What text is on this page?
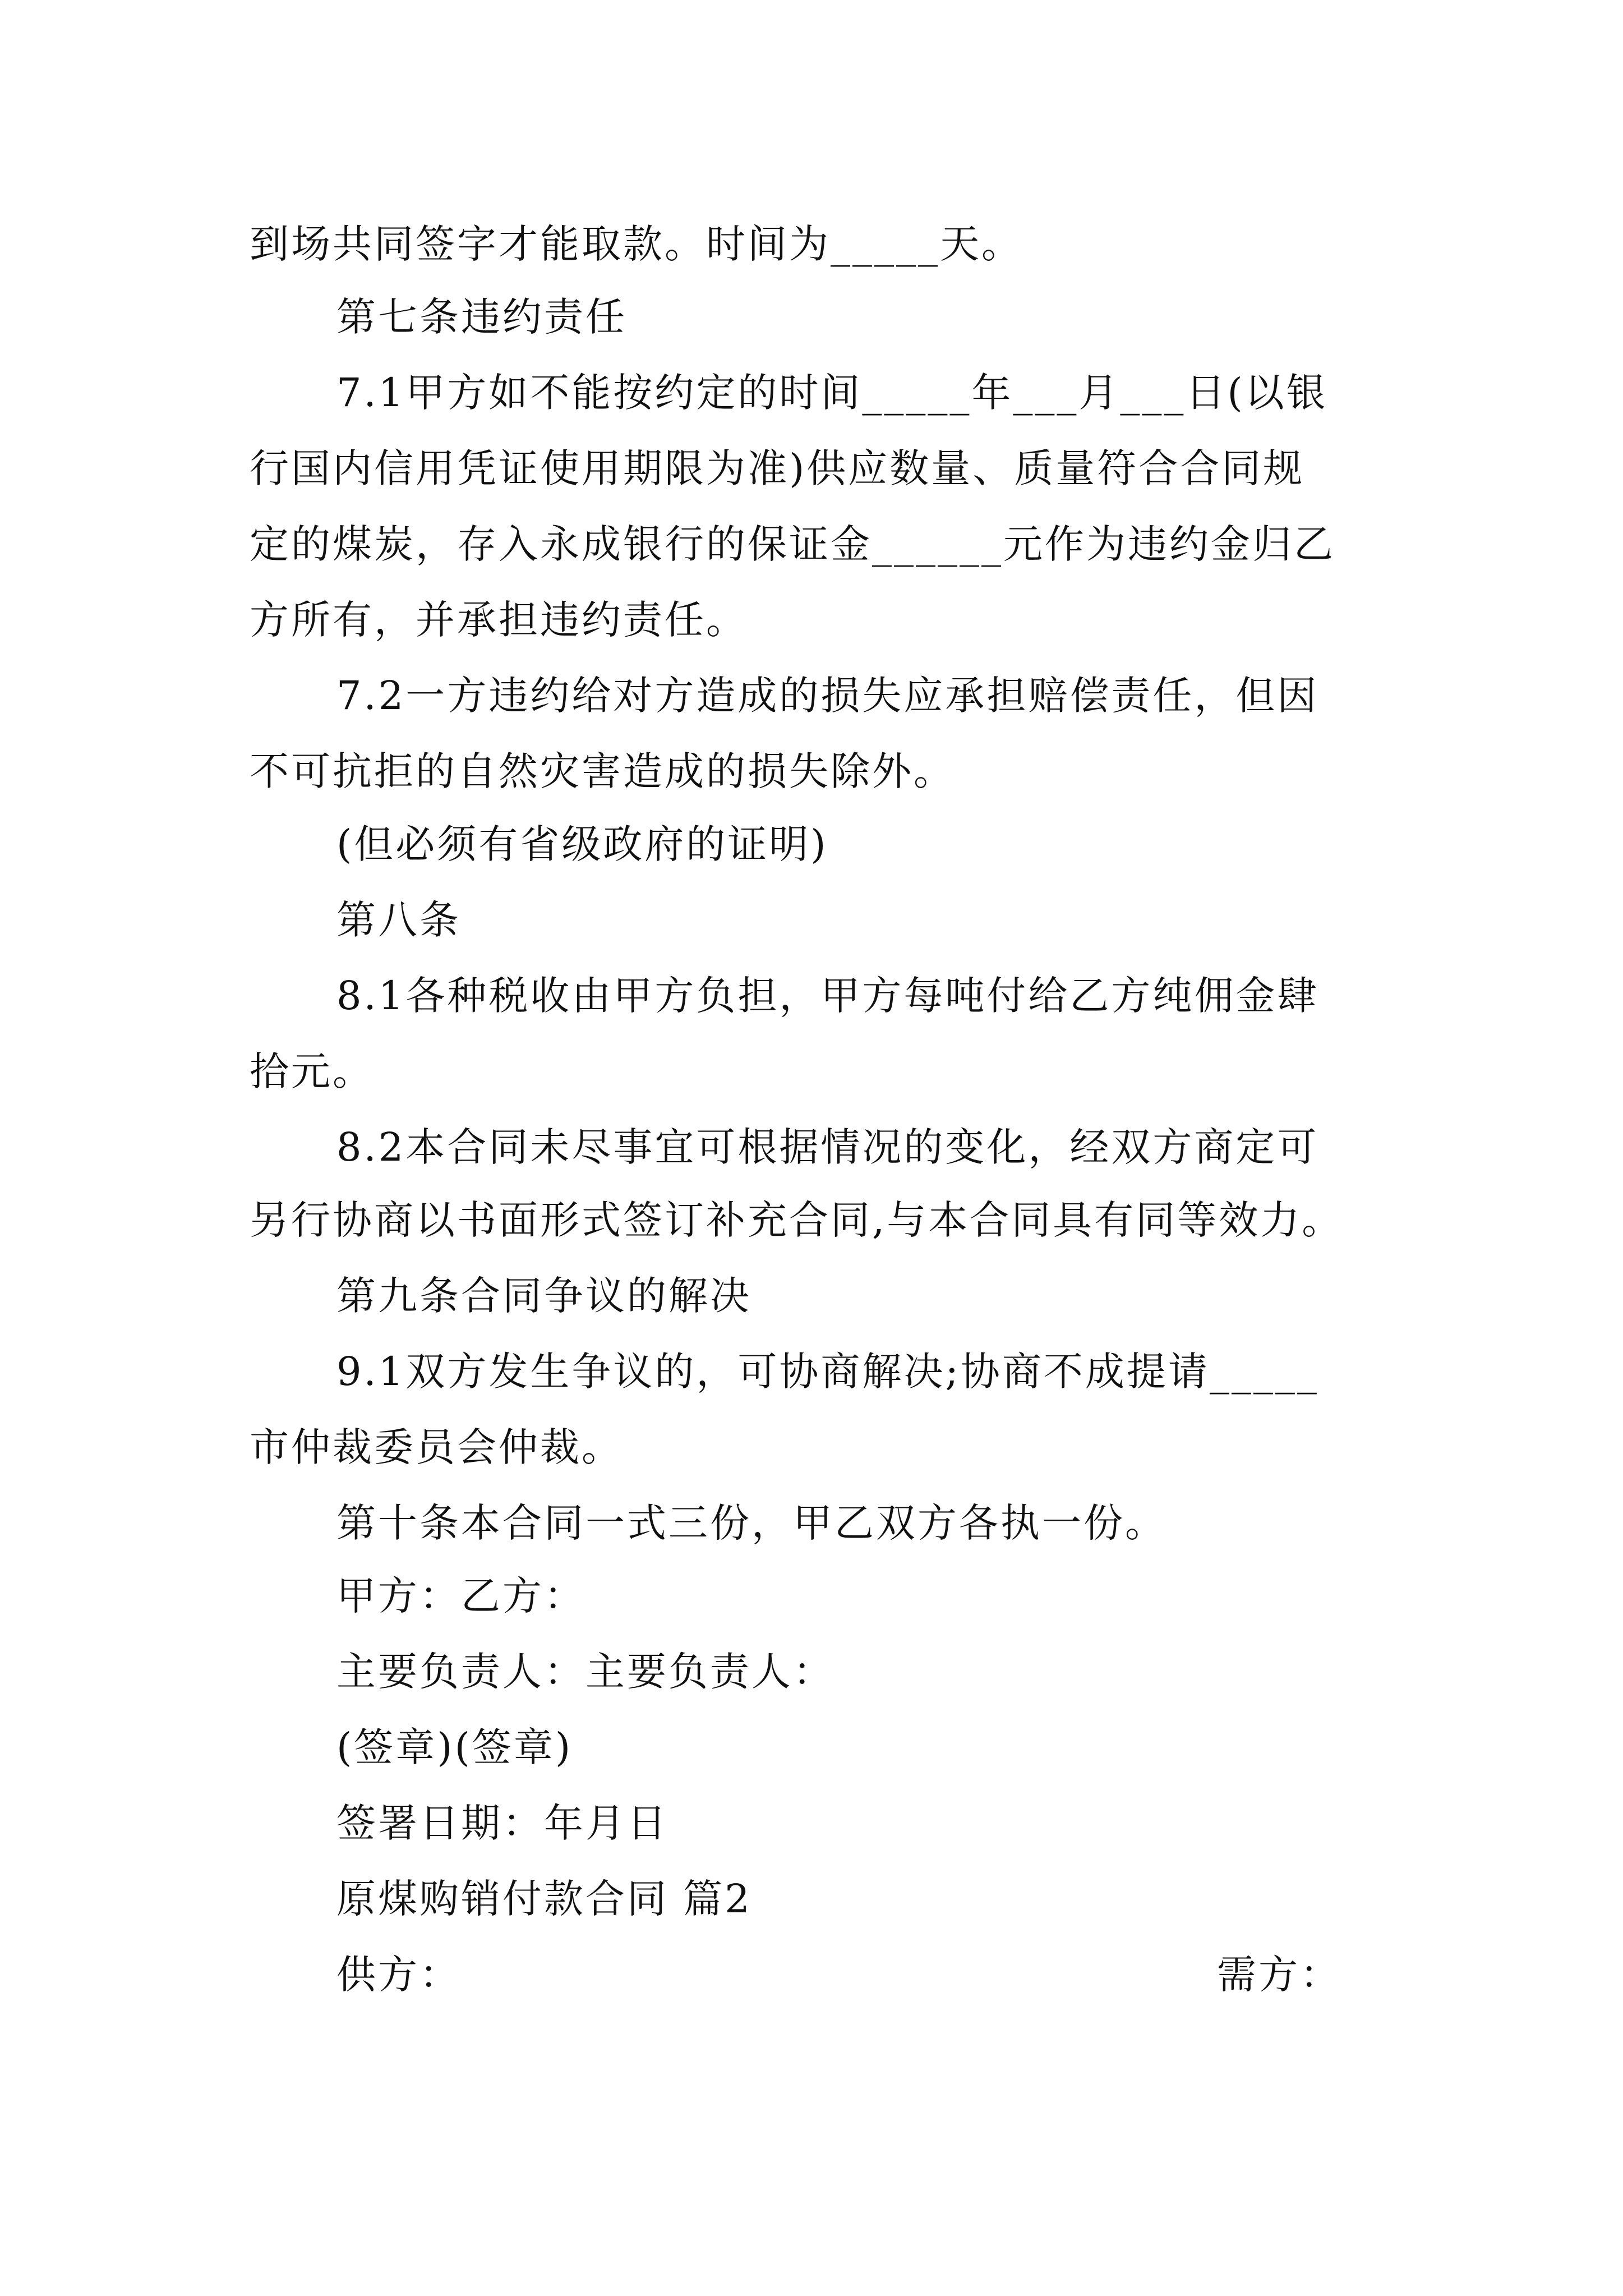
到场共同签字才能取款。时间为_____天。
第七条违约责任
7.1甲方如不能按约定的时间_____年___月___日(以银
行国内信用凭证使用期限为准)供应数量、质量符合合同规
定的煤炭，存入永成银行的保证金______元作为违约金归乙
方所有，并承担违约责任。
7.2一方违约给对方造成的损失应承担赔偿责任，但因
不可抗拒的自然灾害造成的损失除外。
(但必须有省级政府的证明)
第八条
8.1各种税收由甲方负担，甲方每吨付给乙方纯佣金肆
拾元。
8.2本合同未尽事宜可根据情况的变化，经双方商定可
另行协商以书面形式签订补充合同,与本合同具有同等效力。
第九条合同争议的解决
9.1双方发生争议的，可协商解决;协商不成提请_____
市仲裁委员会仲裁。
第十条本合同一式三份，甲乙双方各执一份。
甲方：乙方：
主要负责人：主要负责人：
(签章)(签章)
签署日期：年月日
原煤购销付款合同 篇2
供方：	需方：
